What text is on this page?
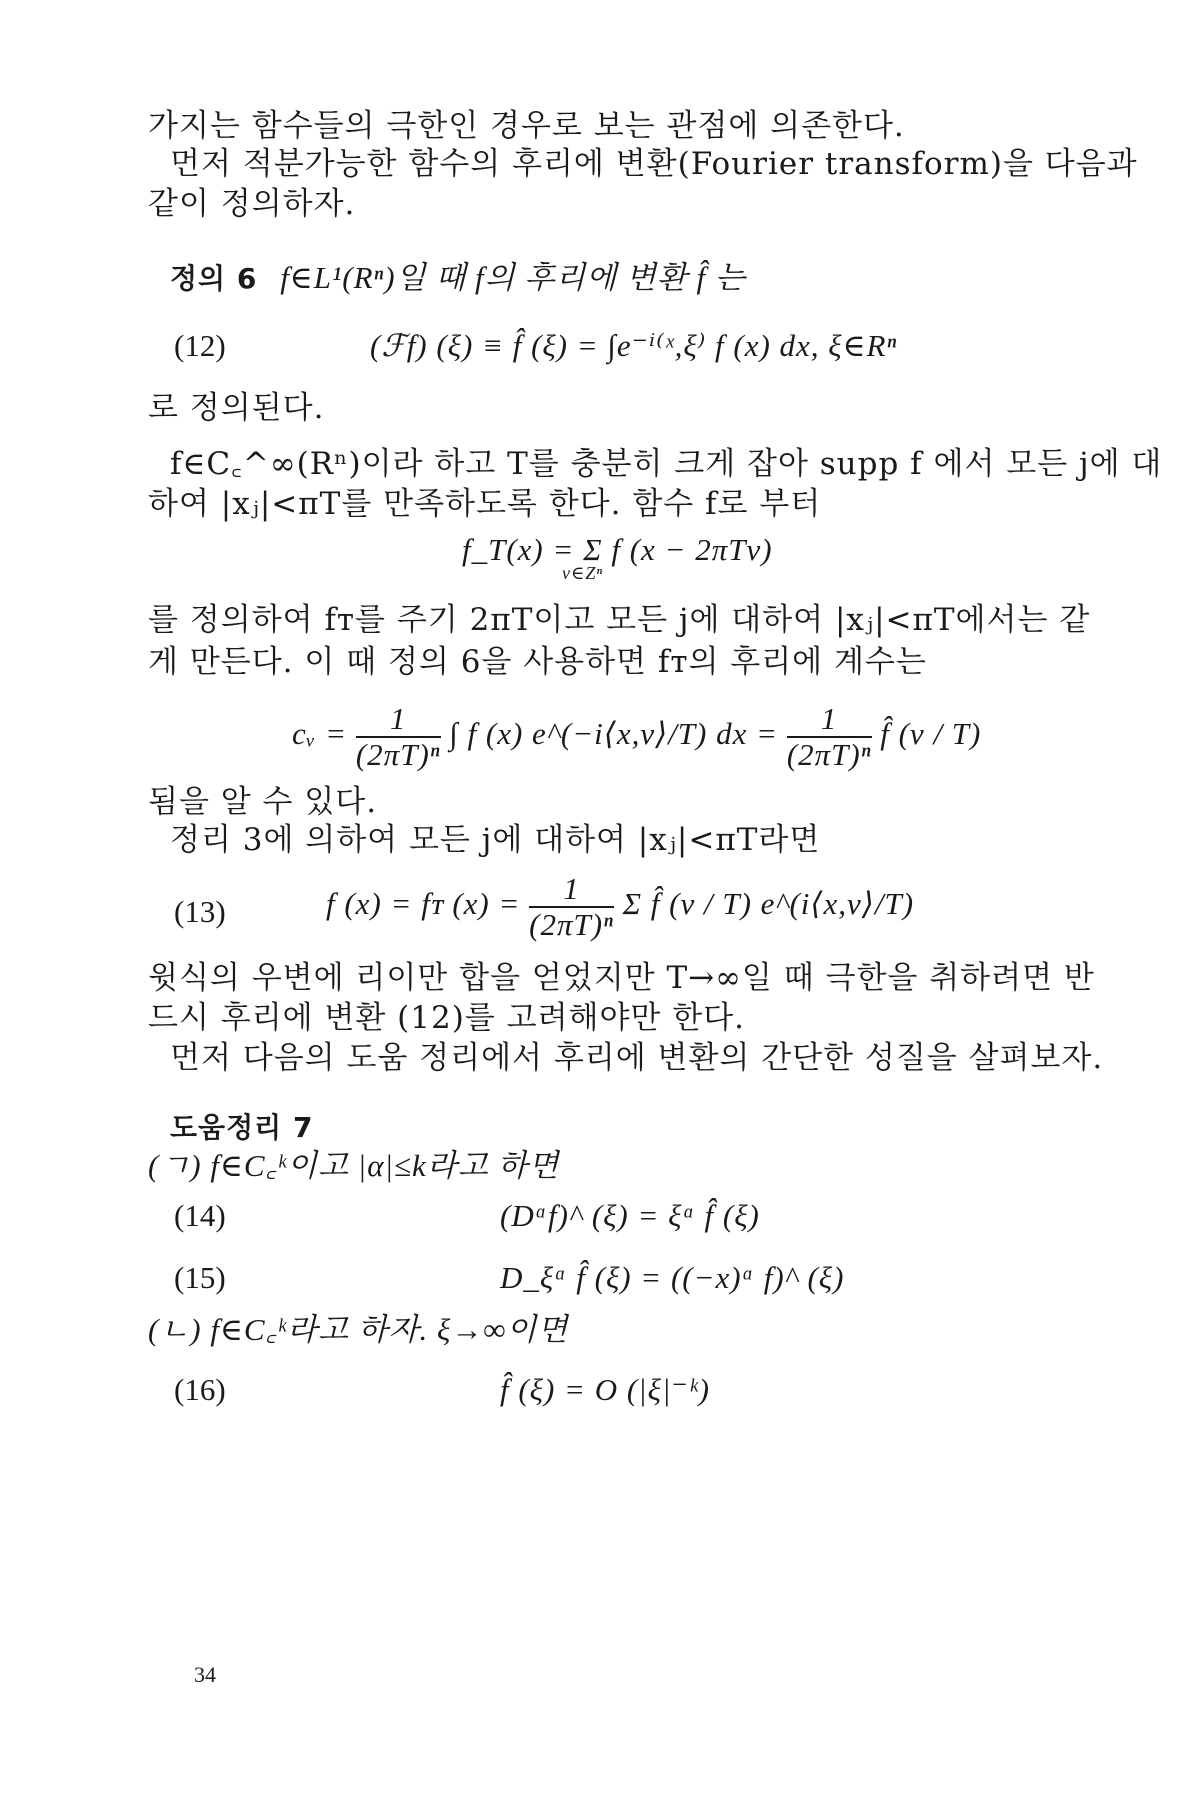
가지는 함수들의 극한인 경우로 보는 관점에 의존한다.
먼저 적분가능한 함수의 후리에 변환(Fourier transform)을 다음과
같이 정의하자.
정의 6 f∈L¹(Rⁿ)일 때 f의 후리에 변환 f̂ 는
(12)	(ℱf) (ξ) ≡ f̂ (ξ) = ∫e⁻ⁱ⁽ˣ,ξ⁾ f (x) dx, ξ∈Rⁿ
로 정의된다.
f∈C꜀^∞(Rⁿ)이라 하고 T를 충분히 크게 잡아 supp f 에서 모든 j에 대
하여 |xⱼ|<πT를 만족하도록 한다. 함수 f로 부터
f_T(x) = Σ f (x − 2πTv)
v∈Zⁿ
를 정의하여 fᴛ를 주기 2πT이고 모든 j에 대하여 |xⱼ|<πT에서는 같
게 만든다. 이 때 정의 6을 사용하면 fᴛ의 후리에 계수는
cᵥ = $\frac{1}{\text{(2πT)ⁿ}}$ ∫ f (x) e^(−i⟨x,v⟩/T) dx = $\frac{1}{\text{(2πT)ⁿ}}$ f̂ (v / T)
됨을 알 수 있다.
정리 3에 의하여 모든 j에 대하여 |xⱼ|<πT라면
(13)	f (x) = fᴛ $(x) = \frac{1}{\text{(2πT)ⁿ}}$ Σ f̂ (v / T) e^(i⟨x,v⟩/T)
윗식의 우변에 리이만 합을 얻었지만 T→∞일 때 극한을 취하려면 반
드시 후리에 변환 (12)를 고려해야만 한다.
먼저 다음의 도움 정리에서 후리에 변환의 간단한 성질을 살펴보자.
도움정리 7
(ㄱ) f∈C꜀ᵏ이고 |α|≤k라고 하면
(14)	(Dᵅf)^ (ξ) = ξᵅ f̂ (ξ)
(15)	D_ξᵅ f̂ (ξ) = ((−x)ᵅ f)^ (ξ)
(ㄴ) f∈C꜀ᵏ라고 하자. ξ→∞이면
(16)	f̂ (ξ) = O (|ξ|⁻ᵏ)
34
